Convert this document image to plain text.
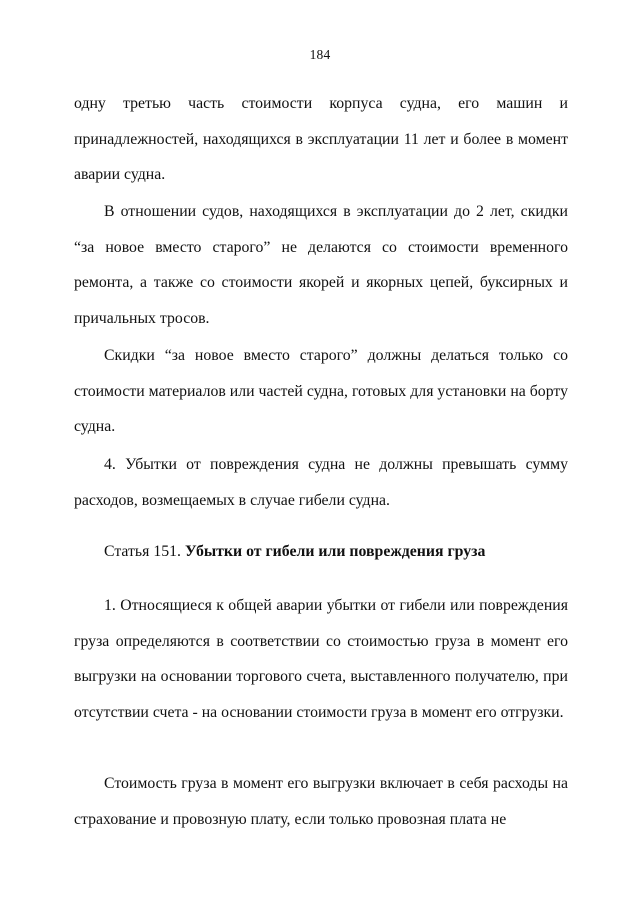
184

одну третью часть стоимости корпуса судна, его машин и принадлежностей, находящихся в эксплуатации 11 лет и более в момент аварии судна.

В отношении судов, находящихся в эксплуатации до 2 лет, скидки “за новое вместо старого” не делаются со стоимости временного ремонта, а также со стоимости якорей и якорных цепей, буксирных и причальных тросов.

Скидки “за новое вместо старого” должны делаться только со стоимости материалов или частей судна, готовых для установки на борту судна.

4. Убытки от повреждения судна не должны превышать сумму расходов, возмещаемых в случае гибели судна.

Статья 151. Убытки от гибели или повреждения груза

1. Относящиеся к общей аварии убытки от гибели или повреждения груза определяются в соответствии со стоимостью груза в момент его выгрузки на основании торгового счета, выставленного получателю, при отсутствии счета - на основании стоимости груза в момент его отгрузки.

Стоимость груза в момент его выгрузки включает в себя расходы на страхование и провозную плату, если только провозная плата не
